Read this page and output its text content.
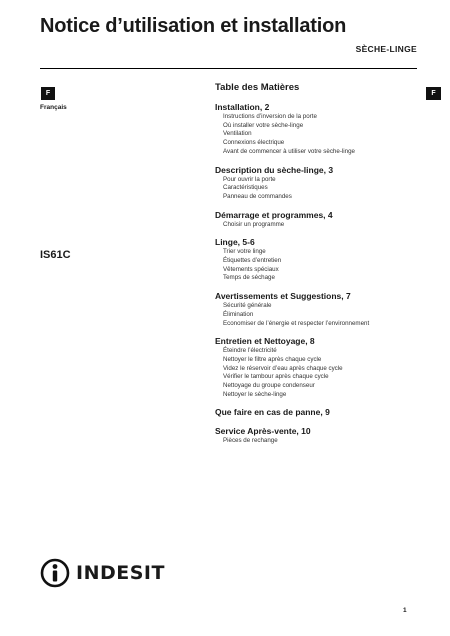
Notice d’utilisation et installation
SÈCHE-LINGE
F	F
Français
IS61C
Table des Matières
Installation, 2
Instructions d’inversion de la porte
Où installer votre sèche-linge
Ventilation
Connexions électrique
Avant de commencer à utiliser votre sèche-linge
Description du sèche-linge, 3
Pour ouvrir la porte
Caractéristiques
Panneau de commandes
Démarrage et programmes, 4
Choisir un programme
Linge, 5-6
Trier votre linge
Étiquettes d’entretien
Vêtements spéciaux
Temps de séchage
Avertissements et Suggestions, 7
Sécurité générale
Élimination
Economiser de l’énergie et respecter l’environnement
Entretien et Nettoyage, 8
Éteindre l’électricité
Nettoyer le filtre après chaque cycle
Videz le réservoir d’eau après chaque cycle
Vérifier le tambour après chaque cycle
Nettoyage du groupe condenseur
Nettoyer le sèche-linge
Que faire en cas de panne, 9
Service Après-vente, 10
Pièces de rechange
INDESIT
1
